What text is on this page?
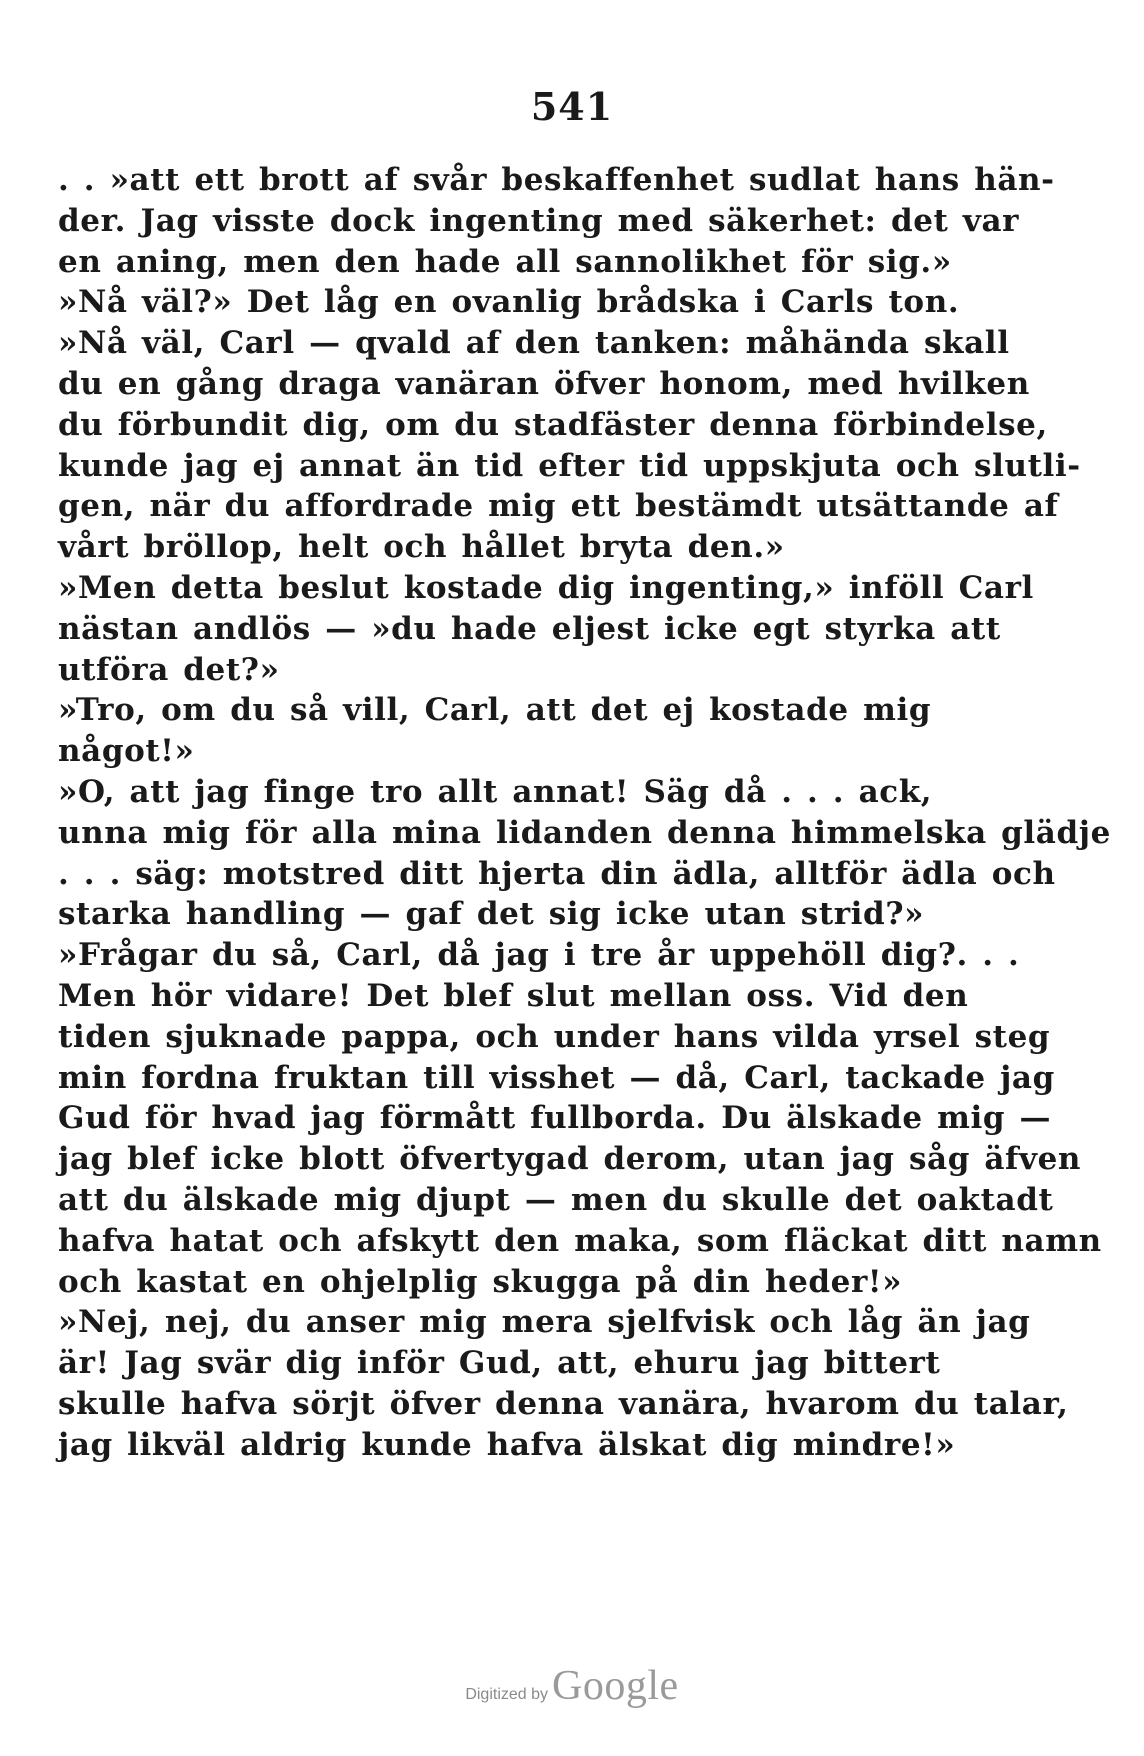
541
. . »att ett brott af svår beskaffenhet sudlat hans hän-
der. Jag visste dock ingenting med säkerhet: det var
en aning, men den hade all sannolikhet för sig.»
»Nå väl?» Det låg en ovanlig brådska i Carls ton.
»Nå väl, Carl — qvald af den tanken: måhända skall
du en gång draga vanäran öfver honom, med hvilken
du förbundit dig, om du stadfäster denna förbindelse,
kunde jag ej annat än tid efter tid uppskjuta och slutli-
gen, när du affordrade mig ett bestämdt utsättande af
vårt bröllop, helt och hållet bryta den.»
»Men detta beslut kostade dig ingenting,» inföll Carl
nästan andlös — »du hade eljest icke egt styrka att
utföra det?»
»Tro, om du så vill, Carl, att det ej kostade mig
något!»
»O, att jag finge tro allt annat! Säg då . . . ack,
unna mig för alla mina lidanden denna himmelska glädje
. . . säg: motstred ditt hjerta din ädla, alltför ädla och
starka handling — gaf det sig icke utan strid?»
»Frågar du så, Carl, då jag i tre år uppehöll dig?. . .
Men hör vidare! Det blef slut mellan oss. Vid den
tiden sjuknade pappa, och under hans vilda yrsel steg
min fordna fruktan till visshet — då, Carl, tackade jag
Gud för hvad jag förmått fullborda. Du älskade mig —
jag blef icke blott öfvertygad derom, utan jag såg äfven
att du älskade mig djupt — men du skulle det oaktadt
hafva hatat och afskytt den maka, som fläckat ditt namn
och kastat en ohjelplig skugga på din heder!»
»Nej, nej, du anser mig mera sjelfvisk och låg än jag
är! Jag svär dig inför Gud, att, ehuru jag bittert
skulle hafva sörjt öfver denna vanära, hvarom du talar,
jag likväl aldrig kunde hafva älskat dig mindre!»
Digitized byGoogle
